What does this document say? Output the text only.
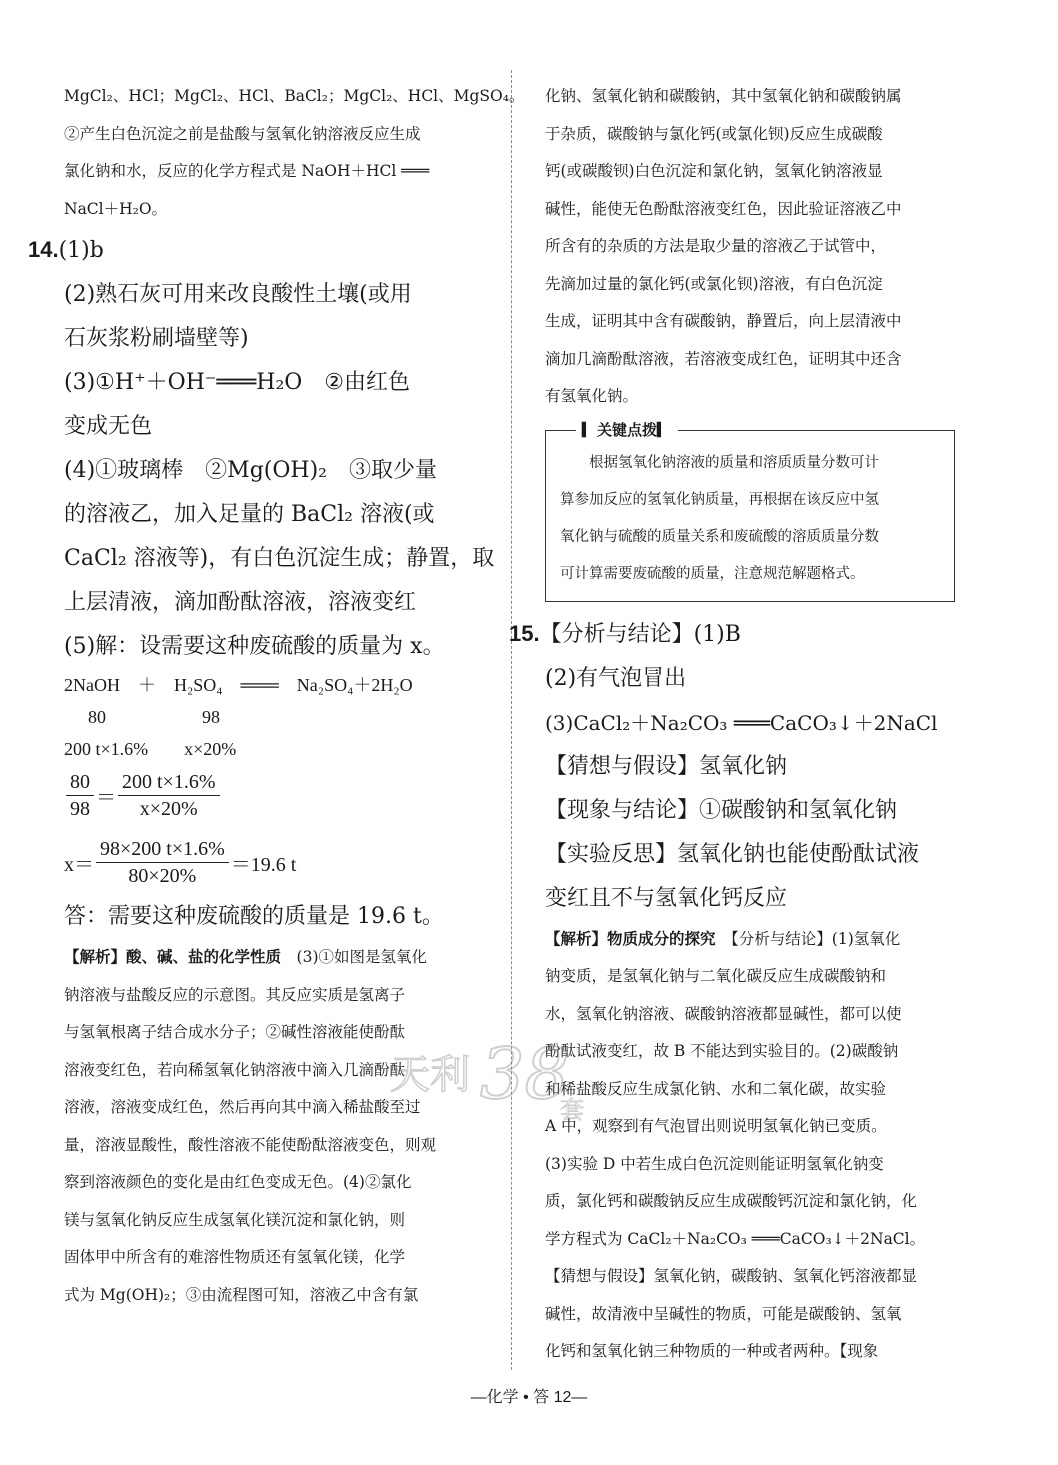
MgCl₂、HCl；MgCl₂、HCl、BaCl₂；MgCl₂、HCl、MgSO₄。

②产生白色沉淀之前是盐酸与氢氧化钠溶液反应生成

氯化钠和水，反应的化学方程式是 NaOH＋HCl ═══

NaCl＋H₂O。

14.(1)b

(2)熟石灰可用来改良酸性土壤(或用

石灰浆粉刷墙壁等)

(3)①H⁺＋OH⁻═══H₂O　②由红色

变成无色

(4)①玻璃棒　②Mg(OH)₂　③取少量

的溶液乙，加入足量的 BaCl₂ 溶液(或

CaCl₂ 溶液等)，有白色沉淀生成；静置，取

上层清液，滴加酚酞溶液，溶液变红

(5)解：设需要这种废硫酸的质量为 x。

2NaOH　＋　H₂SO₄　═══　Na₂SO₄＋2H₂O

80	98

200 t×1.6%　　x×20%

$\frac{80}{98} = \frac{200 t\times 1.6\%}{x\times 20\%}$
$x= \frac{98\times 200 t\times 1.6\%}{80\times 20\%} =19.6$ t

答：需要这种废硫酸的质量是 19.6 t。

【解析】酸、碱、盐的化学性质　 (3)①如图是氢氧化

钠溶液与盐酸反应的示意图。其反应实质是氢离子

与氢氧根离子结合成水分子；②碱性溶液能使酚酞

溶液变红色，若向稀氢氧化钠溶液中滴入几滴酚酞

溶液，溶液变成红色，然后再向其中滴入稀盐酸至过

量，溶液显酸性，酸性溶液不能使酚酞溶液变色，则观

察到溶液颜色的变化是由红色变成无色。(4)②氯化

镁与氢氧化钠反应生成氢氧化镁沉淀和氯化钠，则

固体甲中所含有的难溶性物质还有氢氧化镁，化学

式为 Mg(OH)₂；③由流程图可知，溶液乙中含有氯

化钠、氢氧化钠和碳酸钠，其中氢氧化钠和碳酸钠属

于杂质，碳酸钠与氯化钙(或氯化钡)反应生成碳酸

钙(或碳酸钡)白色沉淀和氯化钠，氢氧化钠溶液显

碱性，能使无色酚酞溶液变红色，因此验证溶液乙中

所含有的杂质的方法是取少量的溶液乙于试管中，

先滴加过量的氯化钙(或氯化钡)溶液，有白色沉淀

生成，证明其中含有碳酸钠，静置后，向上层清液中

滴加几滴酚酞溶液，若溶液变成红色，证明其中还含

有氢氧化钠。

▎关键点拨▎

　　根据氢氧化钠溶液的质量和溶质质量分数可计

算参加反应的氢氧化钠质量，再根据在该反应中氢

氧化钠与硫酸的质量关系和废硫酸的溶质质量分数

可计算需要废硫酸的质量，注意规范解题格式。

15.【分析与结论】(1)B

(2)有气泡冒出

(3)CaCl₂＋Na₂CO₃ ═══CaCO₃↓＋2NaCl

【猜想与假设】氢氧化钠

【现象与结论】①碳酸钠和氢氧化钠

【实验反思】氢氧化钠也能使酚酞试液

变红且不与氢氧化钙反应

【解析】物质成分的探究　 【分析与结论】(1)氢氧化

钠变质，是氢氧化钠与二氧化碳反应生成碳酸钠和

水，氢氧化钠溶液、碳酸钠溶液都显碱性，都可以使

酚酞试液变红，故 B 不能达到实验目的。(2)碳酸钠

和稀盐酸反应生成氯化钠、水和二氧化碳，故实验

A 中，观察到有气泡冒出则说明氢氧化钠已变质。

(3)实验 D 中若生成白色沉淀则能证明氢氧化钠变

质，氯化钙和碳酸钠反应生成碳酸钙沉淀和氯化钠，化

学方程式为 CaCl₂＋Na₂CO₃ ═══CaCO₃↓＋2NaCl。

【猜想与假设】氢氧化钠，碳酸钠、氢氧化钙溶液都显

碱性，故清液中呈碱性的物质，可能是碳酸钠、氢氧

化钙和氢氧化钠三种物质的一种或者两种。【现象

天利 38
套
—化学 • 答 12—
